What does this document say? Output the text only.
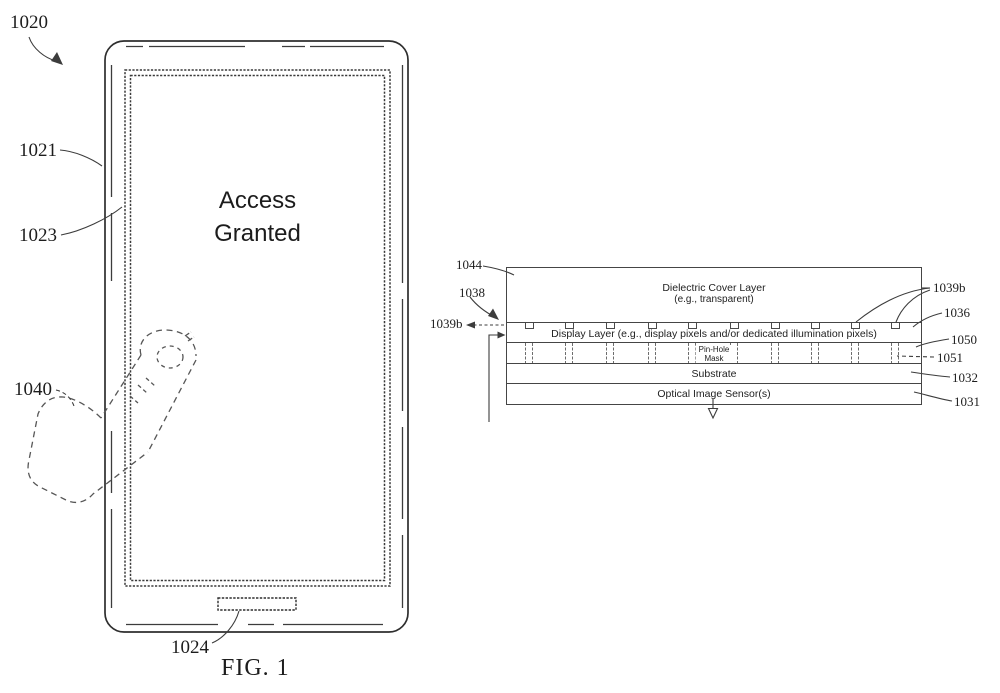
Access
Granted
1020
1021
1023
1040
1024
FIG. 1
Dielectric Cover Layer
(e.g., transparent)
Display Layer (e.g., display pixels and/or dedicated illumination pixels)
Pin-Hole
Mask
Substrate
Optical Image Sensor(s)
1044
1038
1039b
1039b
1036
1050
1051
1032
1031
